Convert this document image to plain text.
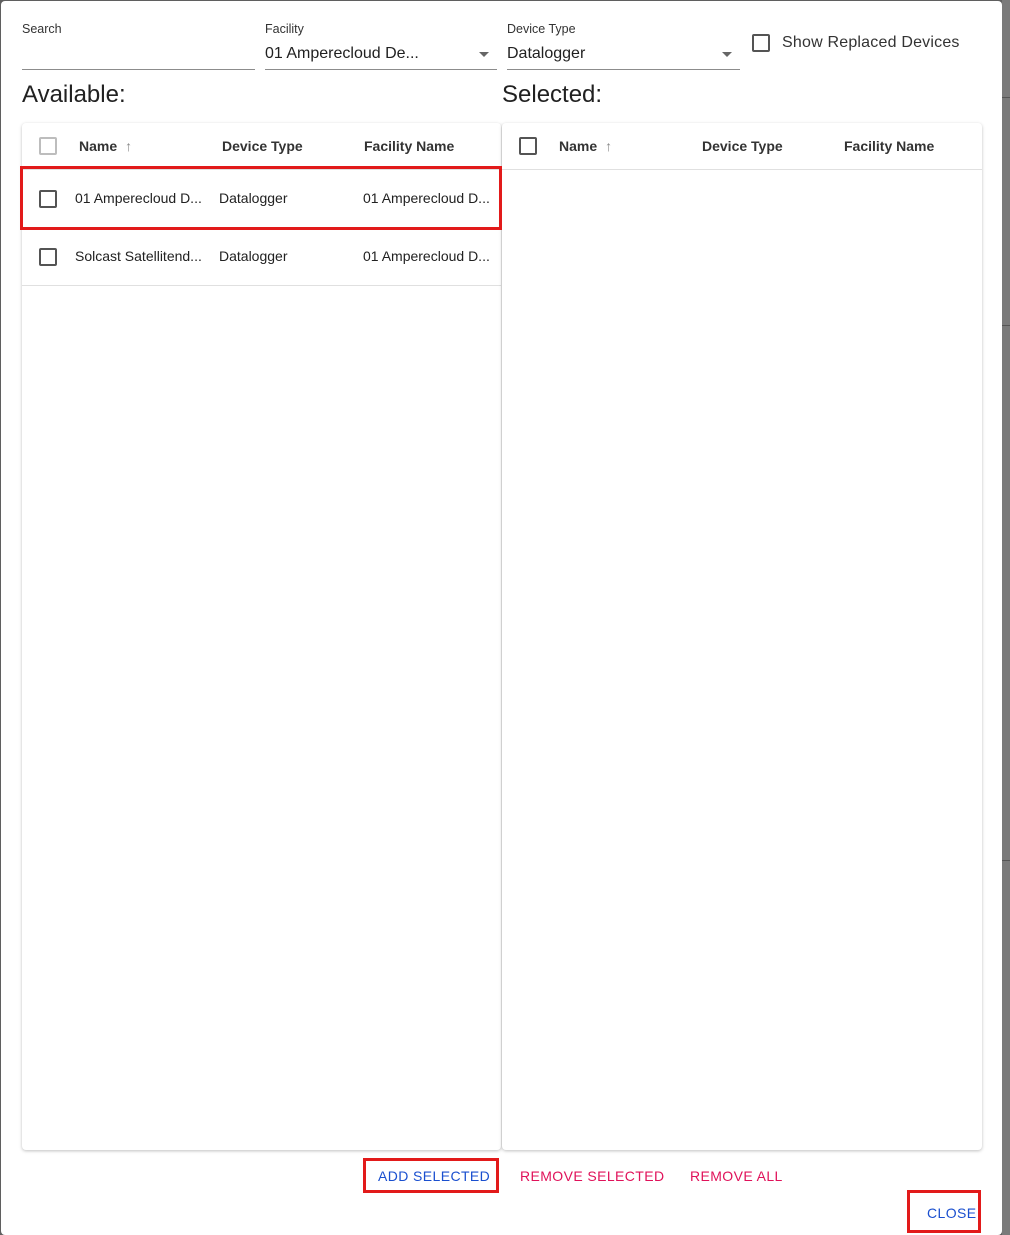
Search	Facility
01 Amperecloud De...
Device Type
Datalogger
Show Replaced Devices
Available:	Selected:
Name ↑	Device Type	Facility Name
01 Amperecloud D...	Datalogger	01 Amperecloud D...
Solcast Satellitend...	Datalogger	01 Amperecloud D...
Name ↑	Device Type	Facility Name
ADD SELECTED REMOVE SELECTED REMOVE ALL
CLOSE
